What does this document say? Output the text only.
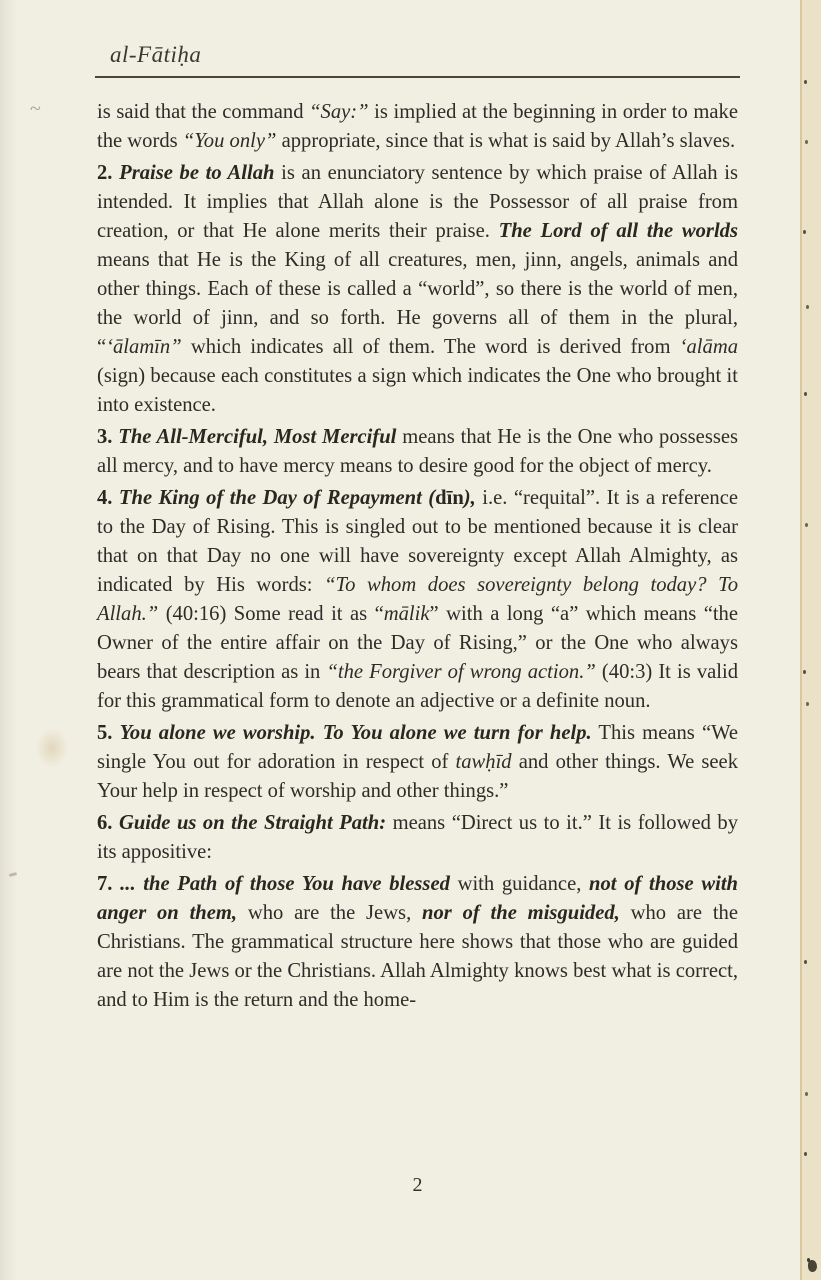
~
al-Fātiḥa

is said that the command “Say:” is implied at the beginning in order to make the words “You only” appropriate, since that is what is said by Allah’s slaves.

2. Praise be to Allah is an enunciatory sentence by which praise of Allah is intended. It implies that Allah alone is the Possessor of all praise from creation, or that He alone merits their praise. The Lord of all the worlds means that He is the King of all creatures, men, jinn, angels, animals and other things. Each of these is called a “world”, so there is the world of men, the world of jinn, and so forth. He governs all of them in the plural, “‘ālamīn” which indicates all of them. The word is derived from ‘alāma (sign) because each constitutes a sign which indicates the One who brought it into existence.

3. The All-Merciful, Most Merciful means that He is the One who possesses all mercy, and to have mercy means to desire good for the object of mercy.

4. The King of the Day of Repayment (dīn), i.e. “requital”. It is a reference to the Day of Rising. This is singled out to be mentioned because it is clear that on that Day no one will have sovereignty except Allah Almighty, as indicated by His words: “To whom does sovereignty belong today? To Allah.” (40:16) Some read it as “mālik” with a long “a” which means “the Owner of the entire affair on the Day of Rising,” or the One who always bears that description as in “the Forgiver of wrong action.” (40:3) It is valid for this grammatical form to denote an adjective or a definite noun.

5. You alone we worship. To You alone we turn for help. This means “We single You out for adoration in respect of tawḥīd and other things. We seek Your help in respect of worship and other things.”

6. Guide us on the Straight Path: means “Direct us to it.” It is followed by its appositive:

7. ... the Path of those You have blessed with guidance, not of those with anger on them, who are the Jews, nor of the misguided, who are the Christians. The grammatical structure here shows that those who are guided are not the Jews or the Christians. Allah Almighty knows best what is correct, and to Him is the return and the home-

2
